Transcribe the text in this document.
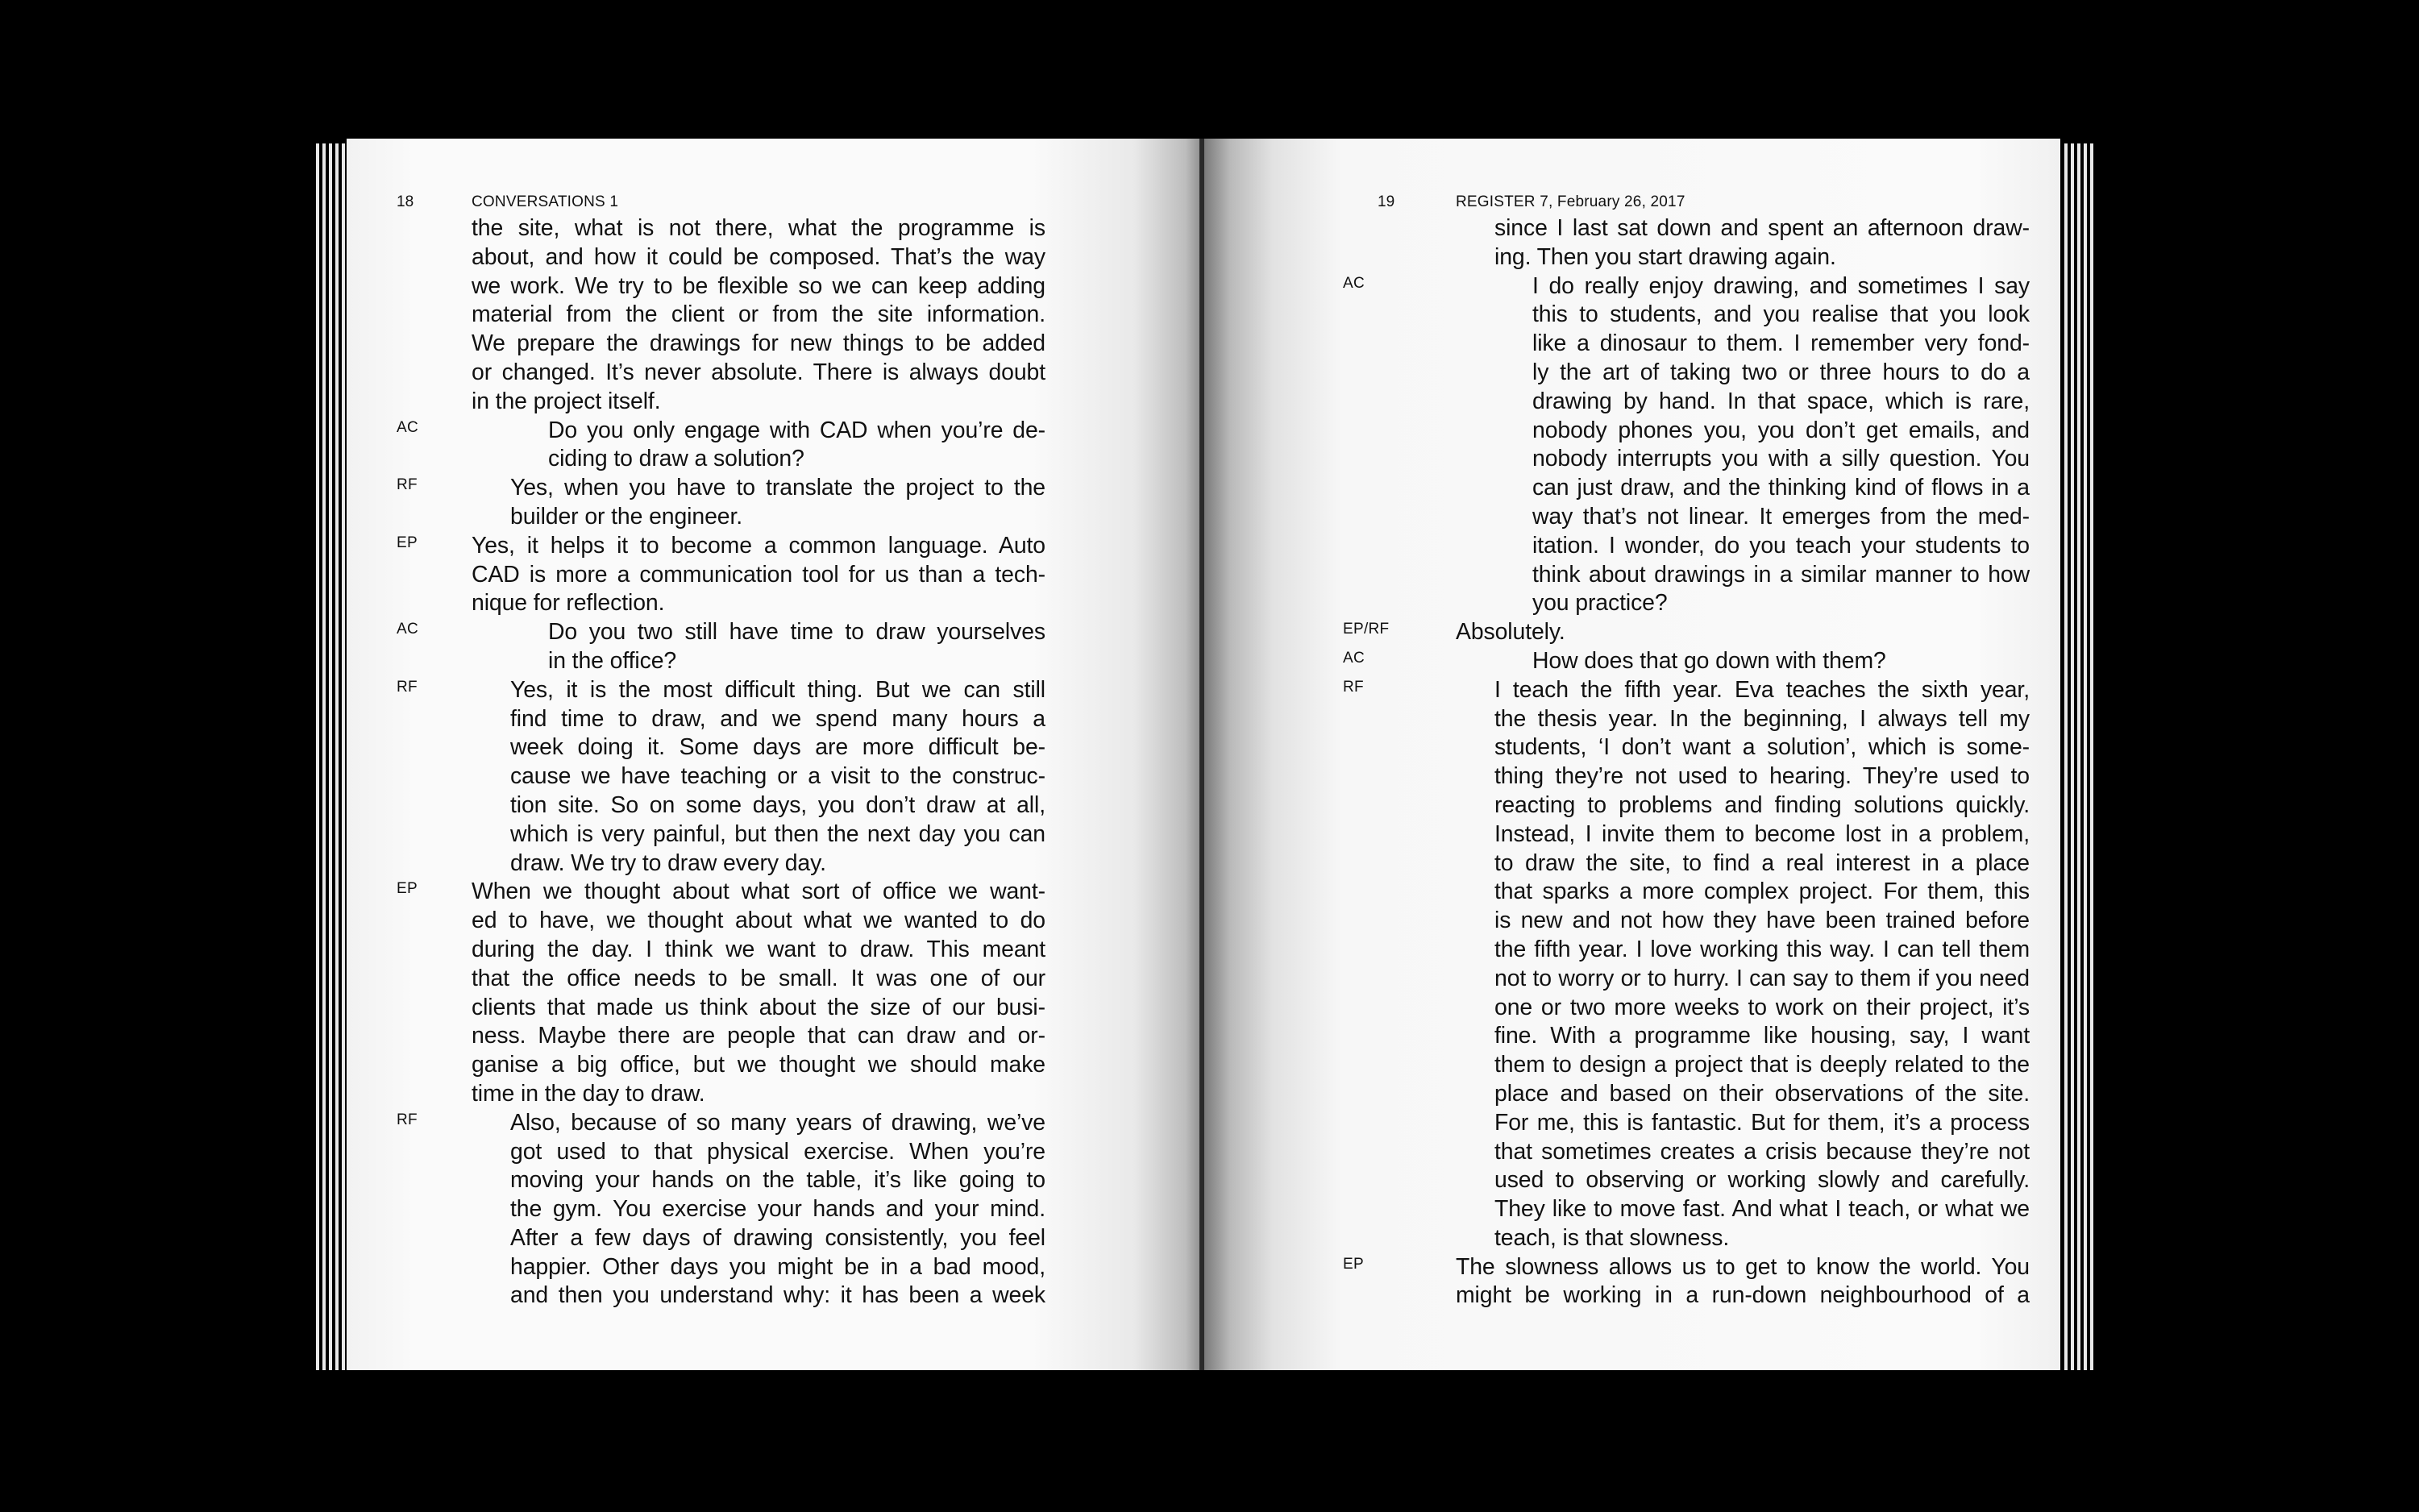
18	CONVERSATIONS 1
the site, what is not there, what the programme is
about, and how it could be composed. That’s the way
we work. We try to be flexible so we can keep adding
material from the client or from the site information.
We prepare the drawings for new things to be added
or changed. It’s never absolute. There is always doubt
in the project itself.
AC	Do you only engage with CAD when you’re de-
ciding to draw a solution?
RF	Yes, when you have to translate the project to the
builder or the engineer.
EP Yes, it helps it to become a common language. Auto
CAD is more a communication tool for us than a tech-
nique for reflection.
AC	Do you two still have time to draw yourselves
in the office?
RF	Yes, it is the most difficult thing. But we can still
find time to draw, and we spend many hours a
week doing it. Some days are more difficult be-
cause we have teaching or a visit to the construc-
tion site. So on some days, you don’t draw at all,
which is very painful, but then the next day you can
draw. We try to draw every day.
EP When we thought about what sort of office we want-
ed to have, we thought about what we wanted to do
during the day. I think we want to draw. This meant
that the office needs to be small. It was one of our
clients that made us think about the size of our busi-
ness. Maybe there are people that can draw and or-
ganise a big office, but we thought we should make
time in the day to draw.
RF	Also, because of so many years of drawing, we’ve
got used to that physical exercise. When you’re
moving your hands on the table, it’s like going to
the gym. You exercise your hands and your mind.
After a few days of drawing consistently, you feel
happier. Other days you might be in a bad mood,
and then you understand why: it has been a week
19	REGISTER 7, February 26, 2017
since I last sat down and spent an afternoon draw-
ing. Then you start drawing again.
AC	I do really enjoy drawing, and sometimes I say
this to students, and you realise that you look
like a dinosaur to them. I remember very fond-
ly the art of taking two or three hours to do a
drawing by hand. In that space, which is rare,
nobody phones you, you don’t get emails, and
nobody interrupts you with a silly question. You
can just draw, and the thinking kind of flows in a
way that’s not linear. It emerges from the med-
itation. I wonder, do you teach your students to
think about drawings in a similar manner to how
you practice?
EP/RF	Absolutely.
AC	How does that go down with them?
RF	I teach the fifth year. Eva teaches the sixth year,
the thesis year. In the beginning, I always tell my
students, ‘I don’t want a solution’, which is some-
thing they’re not used to hearing. They’re used to
reacting to problems and finding solutions quickly.
Instead, I invite them to become lost in a problem,
to draw the site, to find a real interest in a place
that sparks a more complex project. For them, this
is new and not how they have been trained before
the fifth year. I love working this way. I can tell them
not to worry or to hurry. I can say to them if you need
one or two more weeks to work on their project, it’s
fine. With a programme like housing, say, I want
them to design a project that is deeply related to the
place and based on their observations of the site.
For me, this is fantastic. But for them, it’s a process
that sometimes creates a crisis because they’re not
used to observing or working slowly and carefully.
They like to move fast. And what I teach, or what we
teach, is that slowness.
EP	The slowness allows us to get to know the world. You
might be working in a run-down neighbourhood of a
